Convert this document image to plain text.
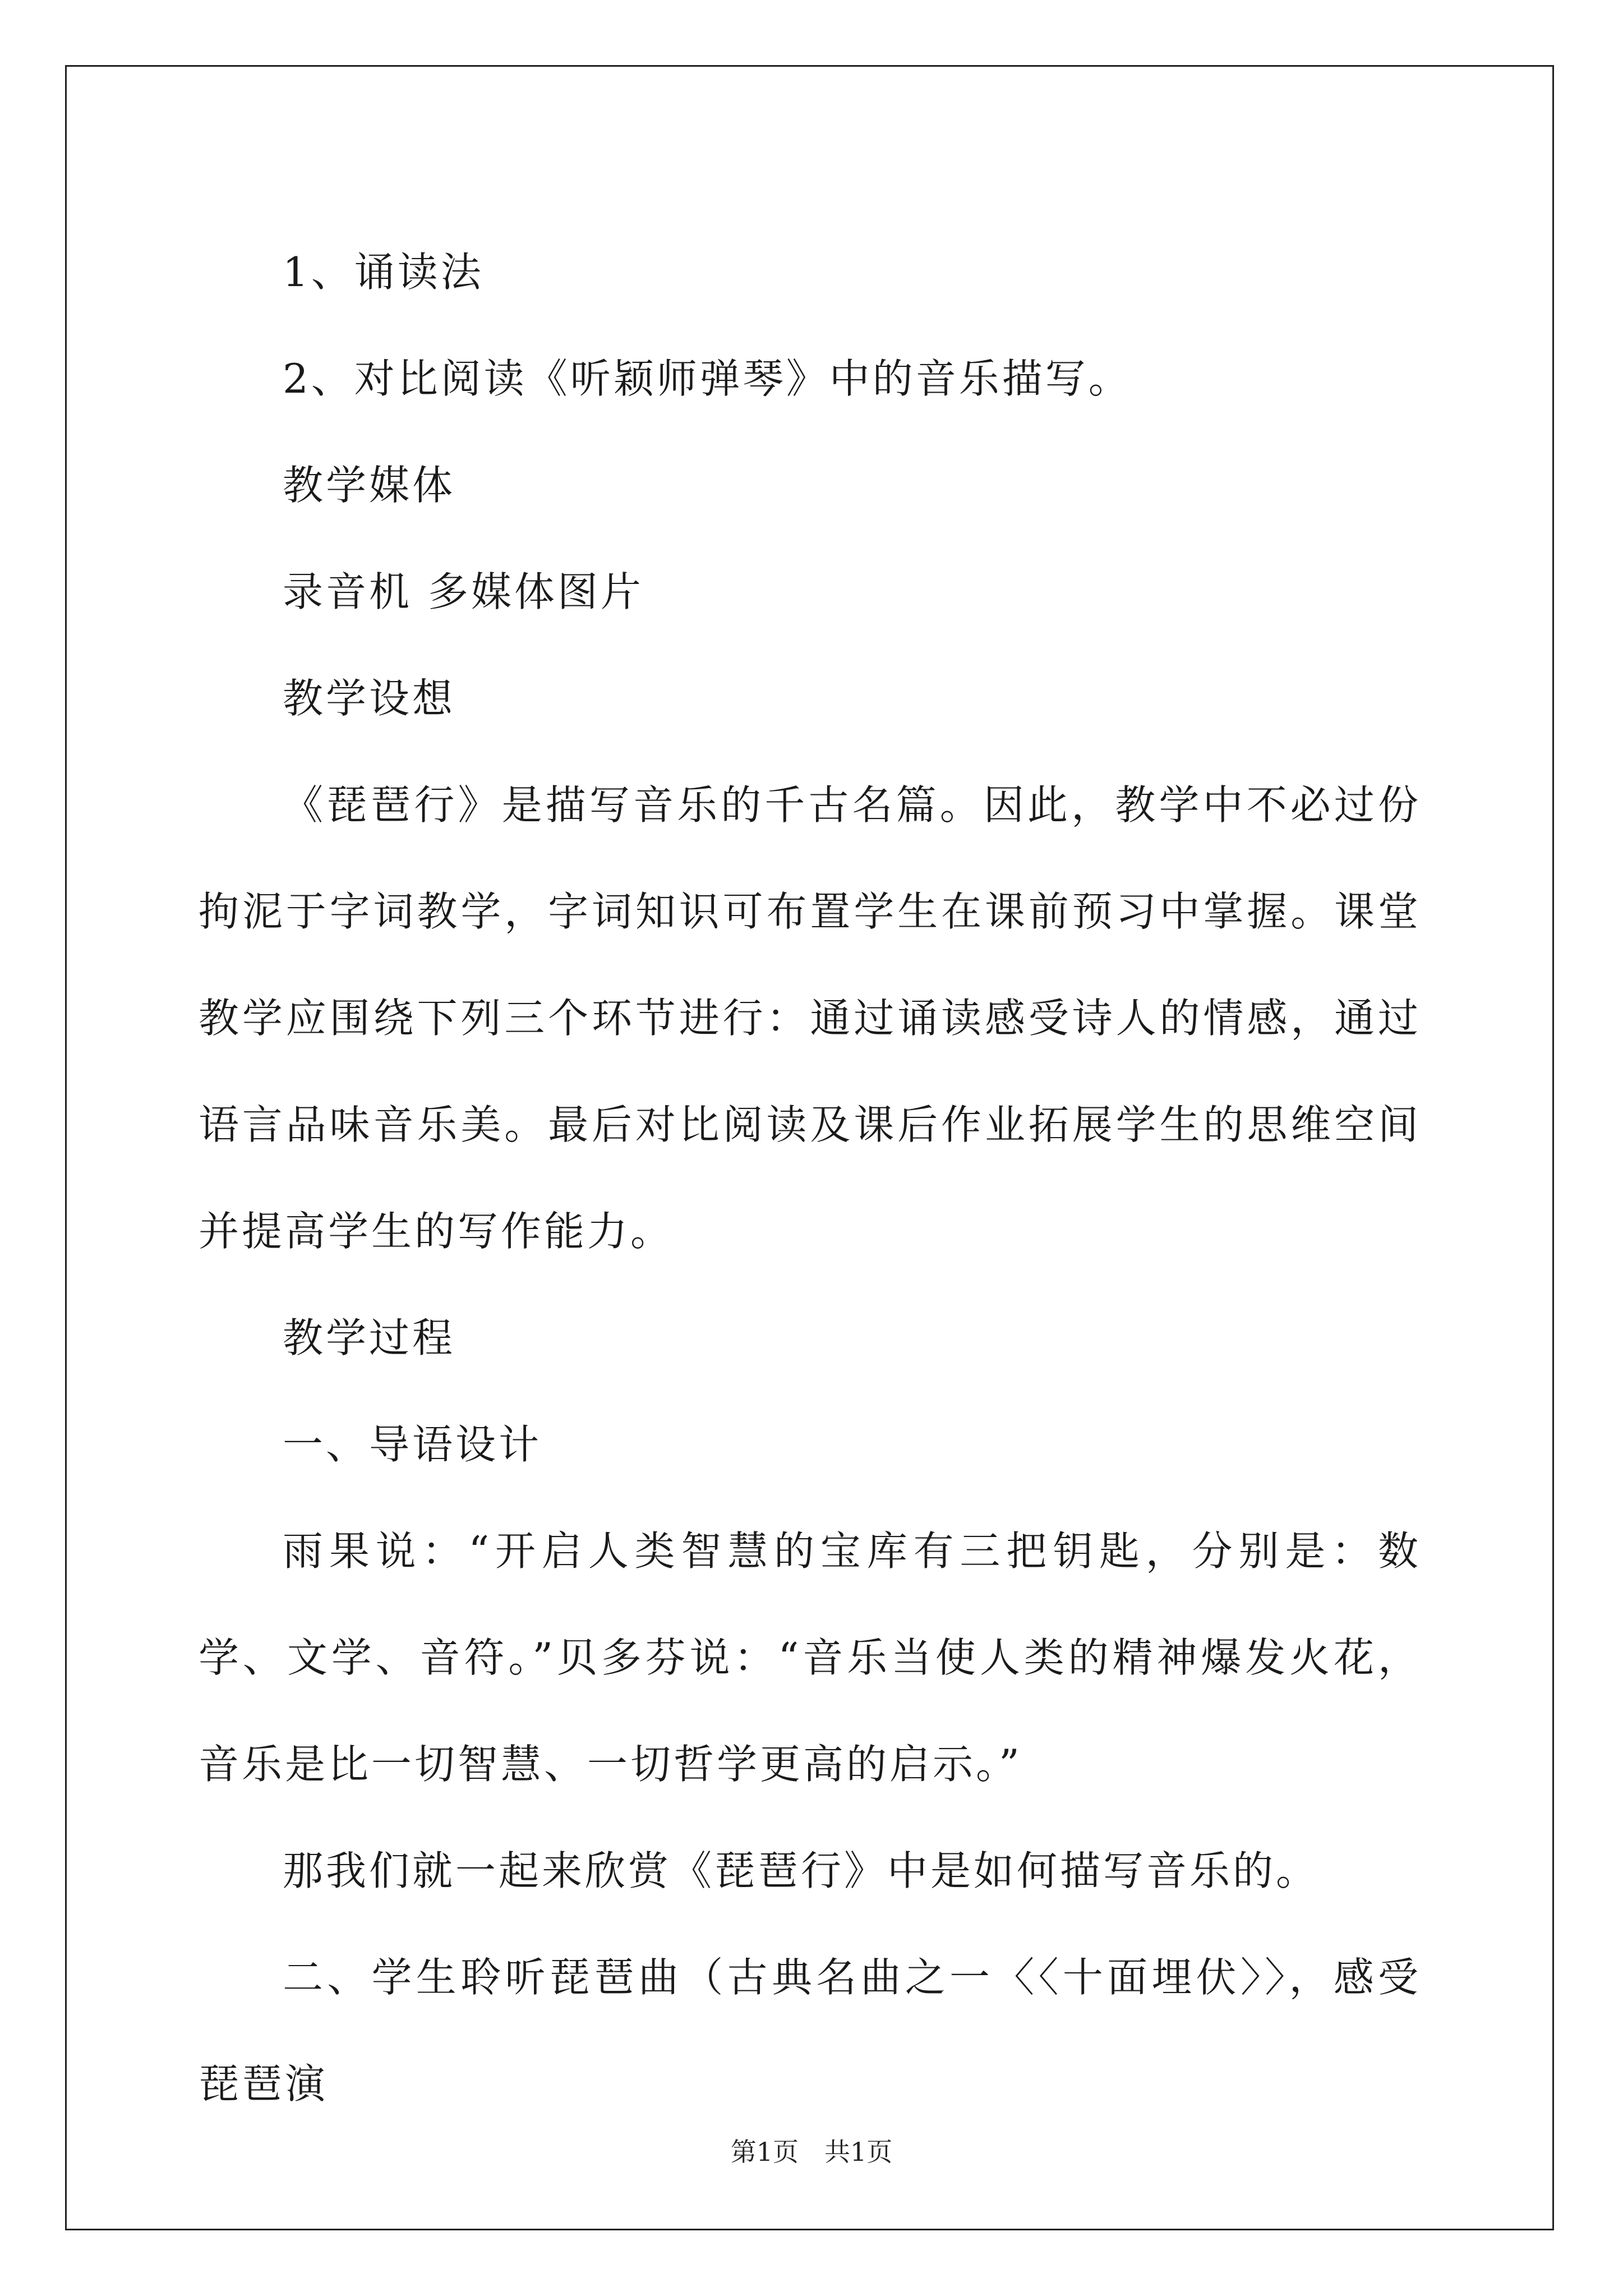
1、诵读法

2、对比阅读《听颖师弹琴》中的音乐描写。

教学媒体

录音机 多媒体图片

教学设想

《琵琶行》是描写音乐的千古名篇。因此，教学中不必过份拘泥于字词教学，字词知识可布置学生在课前预习中掌握。课堂教学应围绕下列三个环节进行：通过诵读感受诗人的情感，通过语言品味音乐美。最后对比阅读及课后作业拓展学生的思维空间并提高学生的写作能力。

教学过程

一、导语设计

雨果说：“开启人类智慧的宝库有三把钥匙，分别是：数学、文学、音符。”贝多芬说：“音乐当使人类的精神爆发火花，音乐是比一切智慧、一切哲学更高的启示。”

那我们就一起来欣赏《琵琶行》中是如何描写音乐的。

二、学生聆听琵琶曲（古典名曲之一〈〈十面埋伏〉〉，感受琵琶演

第1页　共1页
